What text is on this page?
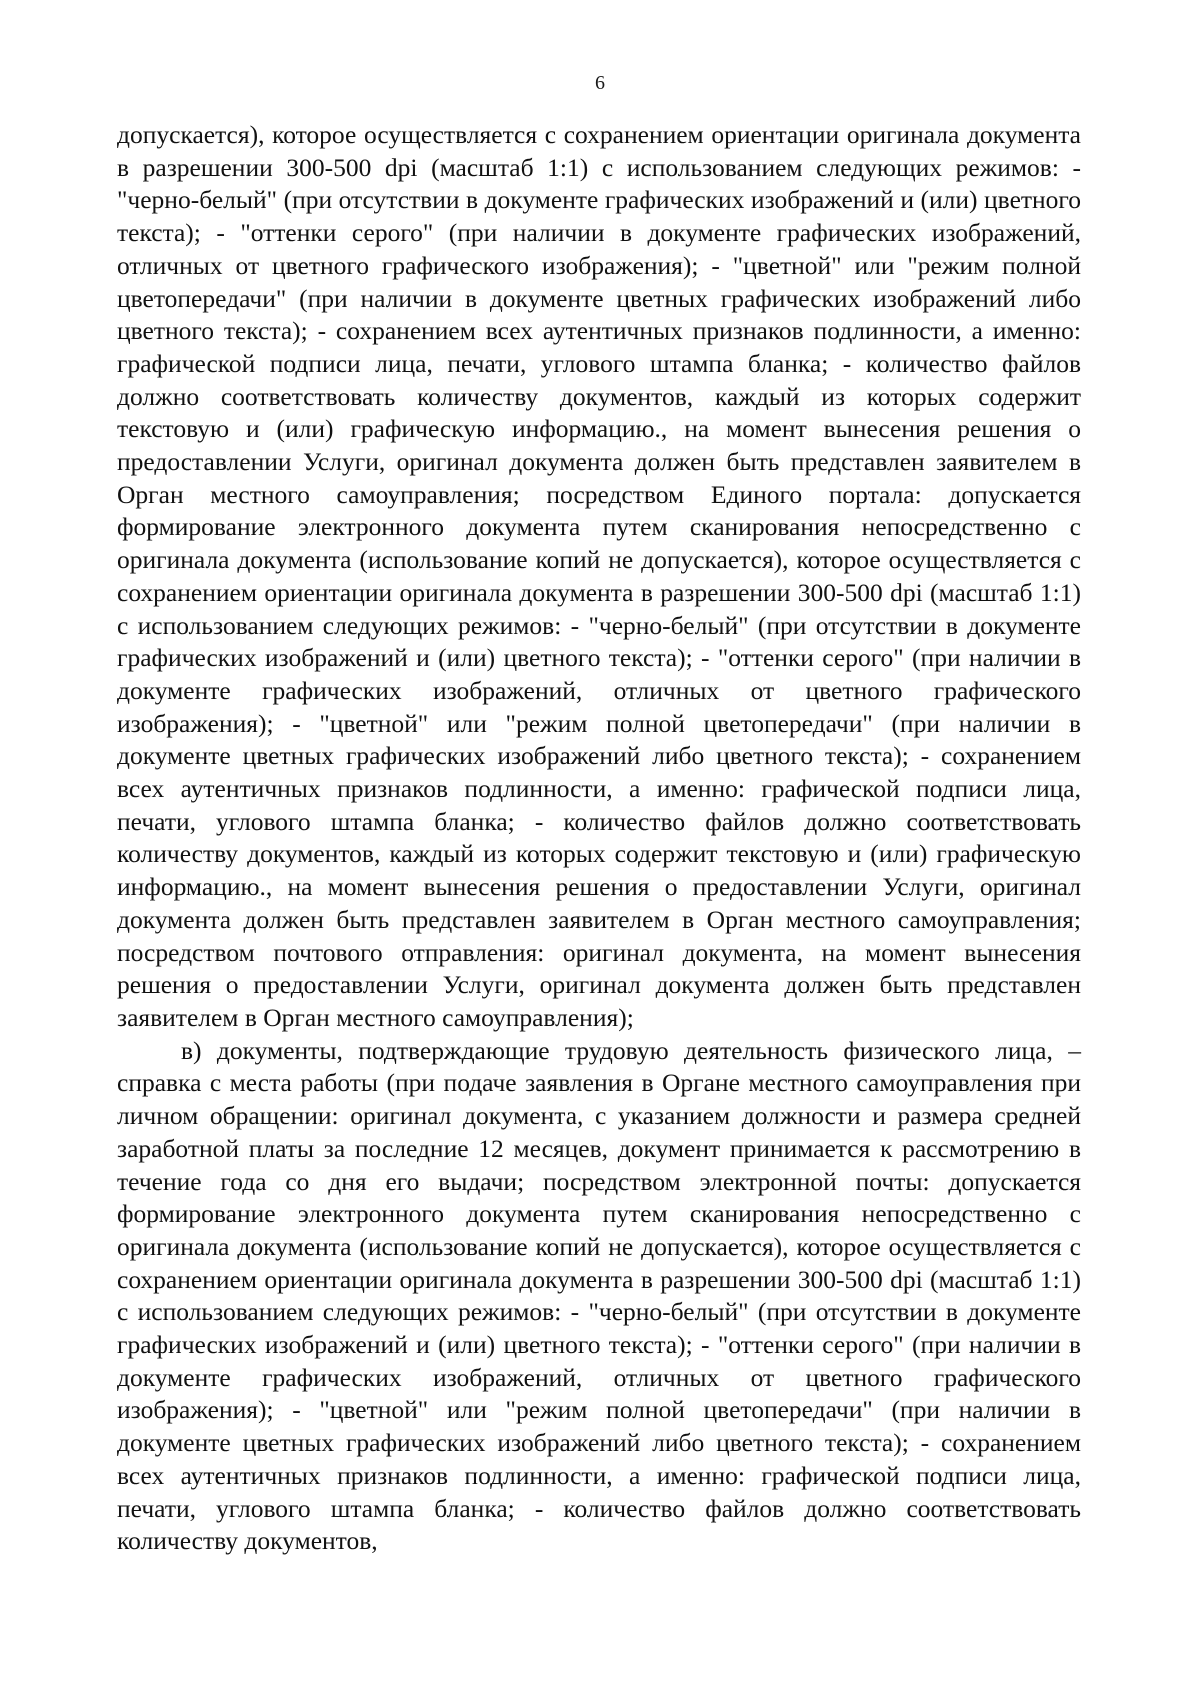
6

допускается), которое осуществляется с сохранением ориентации оригинала документа в разрешении 300-500 dpi (масштаб 1:1) с использованием следующих режимов: - "черно-белый" (при отсутствии в документе графических изображений и (или) цветного текста); - "оттенки серого" (при наличии в документе графических изображений, отличных от цветного графического изображения); - "цветной" или "режим полной цветопередачи" (при наличии в документе цветных графических изображений либо цветного текста); - сохранением всех аутентичных признаков подлинности, а именно: графической подписи лица, печати, углового штампа бланка; - количество файлов должно соответствовать количеству документов, каждый из которых содержит текстовую и (или) графическую информацию., на момент вынесения решения о предоставлении Услуги, оригинал документа должен быть представлен заявителем в Орган местного самоуправления; посредством Единого портала: допускается формирование электронного документа путем сканирования непосредственно с оригинала документа (использование копий не допускается), которое осуществляется с сохранением ориентации оригинала документа в разрешении 300-500 dpi (масштаб 1:1) с использованием следующих режимов: - "черно-белый" (при отсутствии в документе графических изображений и (или) цветного текста); - "оттенки серого" (при наличии в документе графических изображений, отличных от цветного графического изображения); - "цветной" или "режим полной цветопередачи" (при наличии в документе цветных графических изображений либо цветного текста); - сохранением всех аутентичных признаков подлинности, а именно: графической подписи лица, печати, углового штампа бланка; - количество файлов должно соответствовать количеству документов, каждый из которых содержит текстовую и (или) графическую информацию., на момент вынесения решения о предоставлении Услуги, оригинал документа должен быть представлен заявителем в Орган местного самоуправления; посредством почтового отправления: оригинал документа, на момент вынесения решения о предоставлении Услуги, оригинал документа должен быть представлен заявителем в Орган местного самоуправления);

в) документы, подтверждающие трудовую деятельность физического лица, – справка с места работы (при подаче заявления в Органе местного самоуправления при личном обращении: оригинал документа, с указанием должности и размера средней заработной платы за последние 12 месяцев, документ принимается к рассмотрению в течение года со дня его выдачи; посредством электронной почты: допускается формирование электронного документа путем сканирования непосредственно с оригинала документа (использование копий не допускается), которое осуществляется с сохранением ориентации оригинала документа в разрешении 300-500 dpi (масштаб 1:1) с использованием следующих режимов: - "черно-белый" (при отсутствии в документе графических изображений и (или) цветного текста); - "оттенки серого" (при наличии в документе графических изображений, отличных от цветного графического изображения); - "цветной" или "режим полной цветопередачи" (при наличии в документе цветных графических изображений либо цветного текста); - сохранением всех аутентичных признаков подлинности, а именно: графической подписи лица, печати, углового штампа бланка; - количество файлов должно соответствовать количеству документов,
